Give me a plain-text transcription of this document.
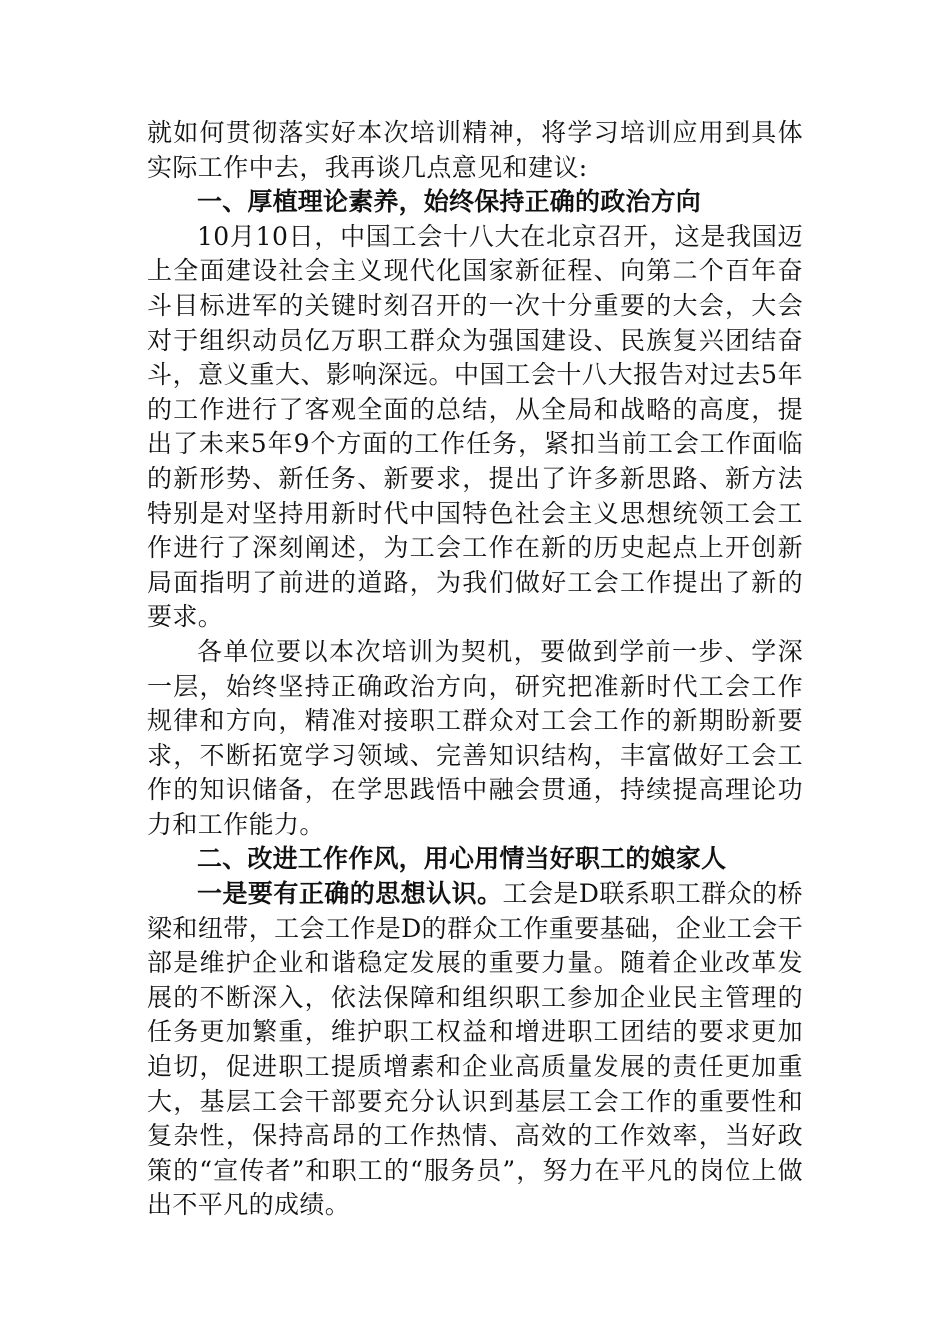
就如何贯彻落实好本次培训精神，将学习培训应用到具体实际工作中去，我再谈几点意见和建议:

一、厚植理论素养，始终保持正确的政治方向

10月10日，中国工会十八大在北京召开，这是我国迈上全面建设社会主义现代化国家新征程、向第二个百年奋斗目标进军的关键时刻召开的一次十分重要的大会，大会对于组织动员亿万职工群众为强国建设、民族复兴团结奋斗，意义重大、影响深远。中国工会十八大报告对过去5年的工作进行了客观全面的总结，从全局和战略的高度，提出了未来5年9个方面的工作任务，紧扣当前工会工作面临的新形势、新任务、新要求，提出了许多新思路、新方法特别是对坚持用新时代中国特色社会主义思想统领工会工作进行了深刻阐述，为工会工作在新的历史起点上开创新局面指明了前进的道路，为我们做好工会工作提出了新的要求。

各单位要以本次培训为契机，要做到学前一步、学深一层，始终坚持正确政治方向，研究把准新时代工会工作规律和方向，精准对接职工群众对工会工作的新期盼新要求，不断拓宽学习领域、完善知识结构，丰富做好工会工作的知识储备，在学思践悟中融会贯通，持续提高理论功力和工作能力。

二、改进工作作风，用心用情当好职工的娘家人

一是要有正确的思想认识。工会是D联系职工群众的桥梁和纽带，工会工作是D的群众工作重要基础，企业工会干部是维护企业和谐稳定发展的重要力量。随着企业改革发展的不断深入，依法保障和组织职工参加企业民主管理的任务更加繁重，维护职工权益和增进职工团结的要求更加迫切，促进职工提质增素和企业高质量发展的责任更加重大，基层工会干部要充分认识到基层工会工作的重要性和复杂性，保持高昂的工作热情、高效的工作效率，当好政策的“宣传者”和职工的“服务员”，努力在平凡的岗位上做出不平凡的成绩。
